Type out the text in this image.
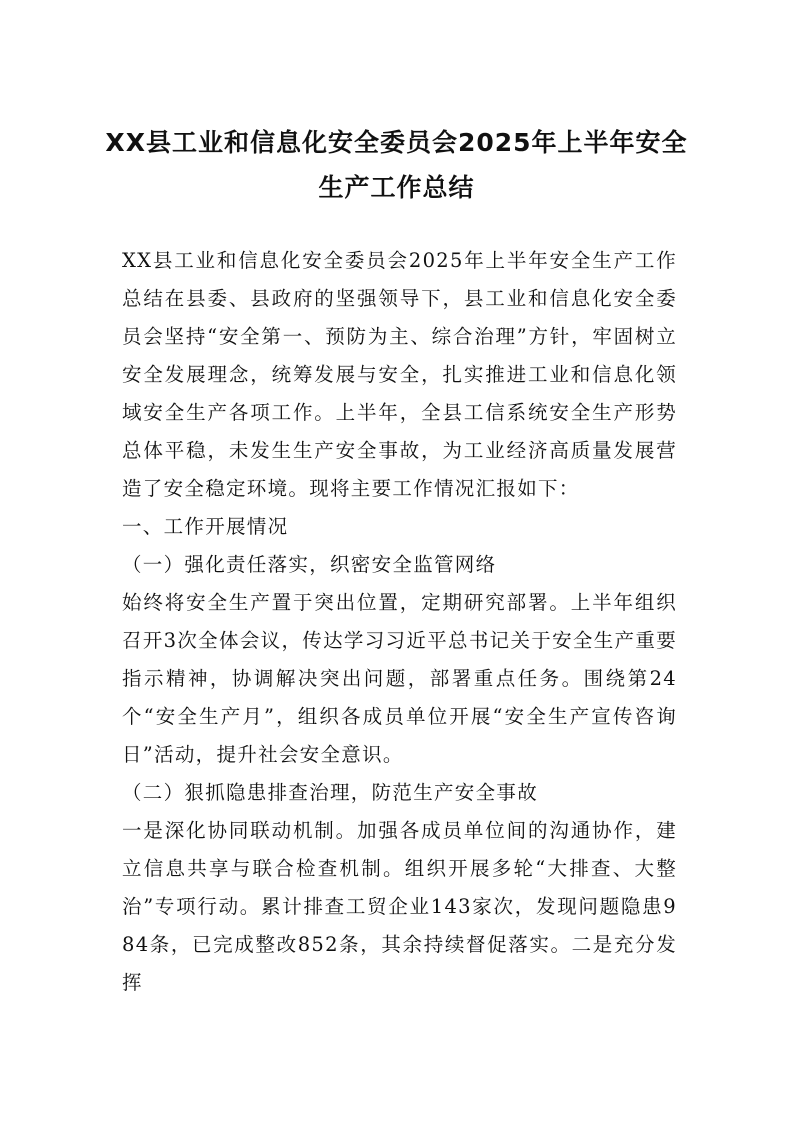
XX县工业和信息化安全委员会2025年上半年安全生产工作总结

XX县工业和信息化安全委员会2025年上半年安全生产工作总结在县委、县政府的坚强领导下，县工业和信息化安全委员会坚持“安全第一、预防为主、综合治理”方针，牢固树立安全发展理念，统筹发展与安全，扎实推进工业和信息化领域安全生产各项工作。上半年，全县工信系统安全生产形势总体平稳，未发生生产安全事故，为工业经济高质量发展营造了安全稳定环境。现将主要工作情况汇报如下：

一、工作开展情况

（一）强化责任落实，织密安全监管网络

始终将安全生产置于突出位置，定期研究部署。上半年组织召开3次全体会议，传达学习习近平总书记关于安全生产重要指示精神，协调解决突出问题，部署重点任务。围绕第24个“安全生产月”，组织各成员单位开展“安全生产宣传咨询日”活动，提升社会安全意识。

（二）狠抓隐患排查治理，防范生产安全事故

一是深化协同联动机制。加强各成员单位间的沟通协作，建立信息共享与联合检查机制。组织开展多轮“大排查、大整治”专项行动。累计排查工贸企业143家次，发现问题隐患984条，已完成整改852条，其余持续督促落实。二是充分发挥
